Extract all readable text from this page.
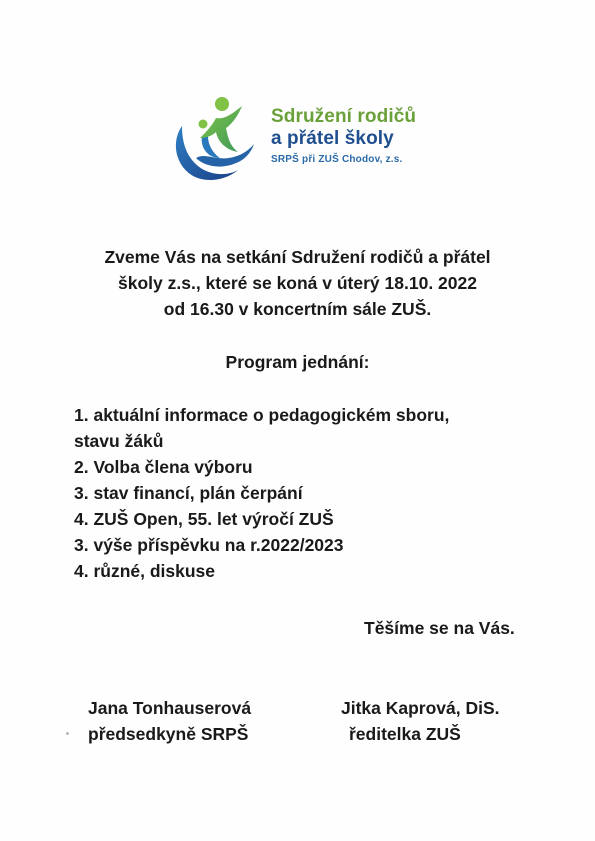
Sdružení rodičů
a přátel školy
SRPŠ při ZUŠ Chodov, z.s.
Zveme Vás na setkání Sdružení rodičů a přátel
školy z.s., které se koná v úterý 18.10. 2022
od 16.30 v koncertním sále ZUŠ.
Program jednání:
1. aktuální informace o pedagogickém sboru,
stavu žáků
2. Volba člena výboru
3. stav financí, plán čerpání
4. ZUŠ Open, 55. let výročí ZUŠ
3. výše příspěvku na r.2022/2023
4. různé, diskuse
Těšíme se na Vás.
Jana Tonhauserová
předsedkyně SRPŠ
Jitka Kaprová, DiS.
ředitelka ZUŠ
